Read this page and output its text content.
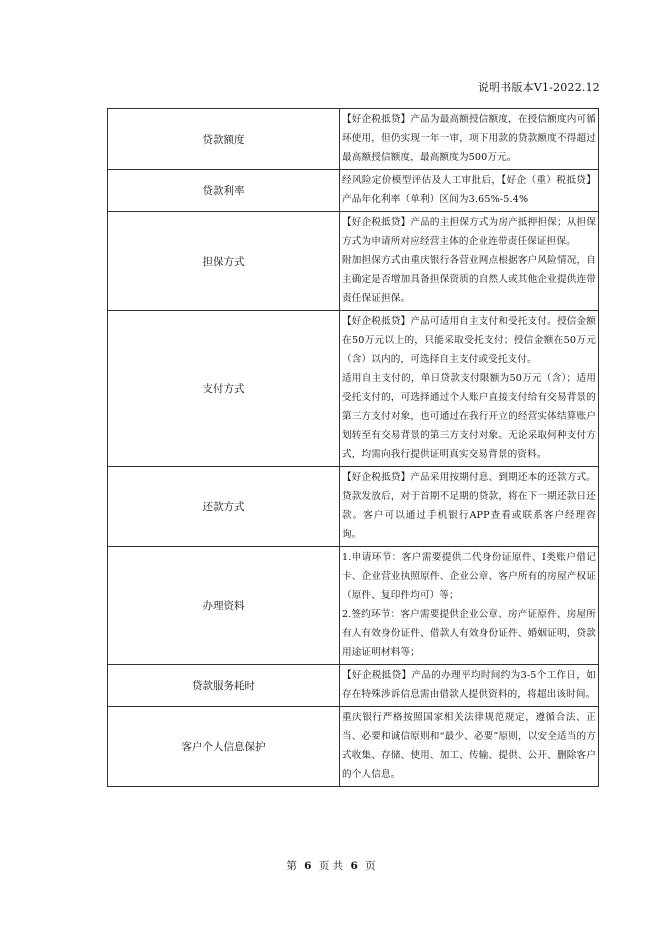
说明书版本V1-2022.12
贷款额度	【好企税抵贷】产品为最高额授信额度，在授信额度内可循环使用，但仍实现一年一审，项下用款的贷款额度不得超过最高额授信额度，最高额度为500万元。

贷款利率	经风险定价模型评估及人工审批后，【好企（重）税抵贷】产品年化利率（单利）区间为3.65%-5.4%

担保方式	【好企税抵贷】产品的主担保方式为房产抵押担保；从担保方式为申请所对应经营主体的企业连带责任保证担保。

附加担保方式由重庆银行各营业网点根据客户风险情况，自主确定是否增加具备担保资质的自然人或其他企业提供连带责任保证担保。

支付方式	【好企税抵贷】产品可适用自主支付和受托支付。授信金额在50万元以上的，只能采取受托支付；授信金额在50万元（含）以内的，可选择自主支付或受托支付。

适用自主支付的，单日贷款支付限额为50万元（含）；适用受托支付的，可选择通过个人账户直接支付给有交易背景的第三方支付对象，也可通过在我行开立的经营实体结算账户划转至有交易背景的第三方支付对象。无论采取何种支付方式，均需向我行提供证明真实交易背景的资料。

还款方式	【好企税抵贷】产品采用按期付息、到期还本的还款方式。贷款发放后，对于首期不足期的贷款，将在下一期还款日还款。客户可以通过手机银行APP查看或联系客户经理咨询。

办理资料	1.申请环节：客户需要提供二代身份证原件、I类账户借记卡、企业营业执照原件、企业公章、客户所有的房屋产权证（原件、复印件均可）等；

2.签约环节：客户需要提供企业公章、房产证原件、房屋所有人有效身份证件、借款人有效身份证件、婚姻证明，贷款用途证明材料等；

贷款服务耗时	【好企税抵贷】产品的办理平均时间约为3-5个工作日，如存在特殊涉诉信息需由借款人提供资料的，将超出该时间。

客户个人信息保护	重庆银行严格按照国家相关法律规范规定，遵循合法、正当、必要和诚信原则和“最少、必要”原则，以安全适当的方式收集、存储、使用、加工、传输、提供、公开、删除客户的个人信息。

第 6 页 共 6 页
